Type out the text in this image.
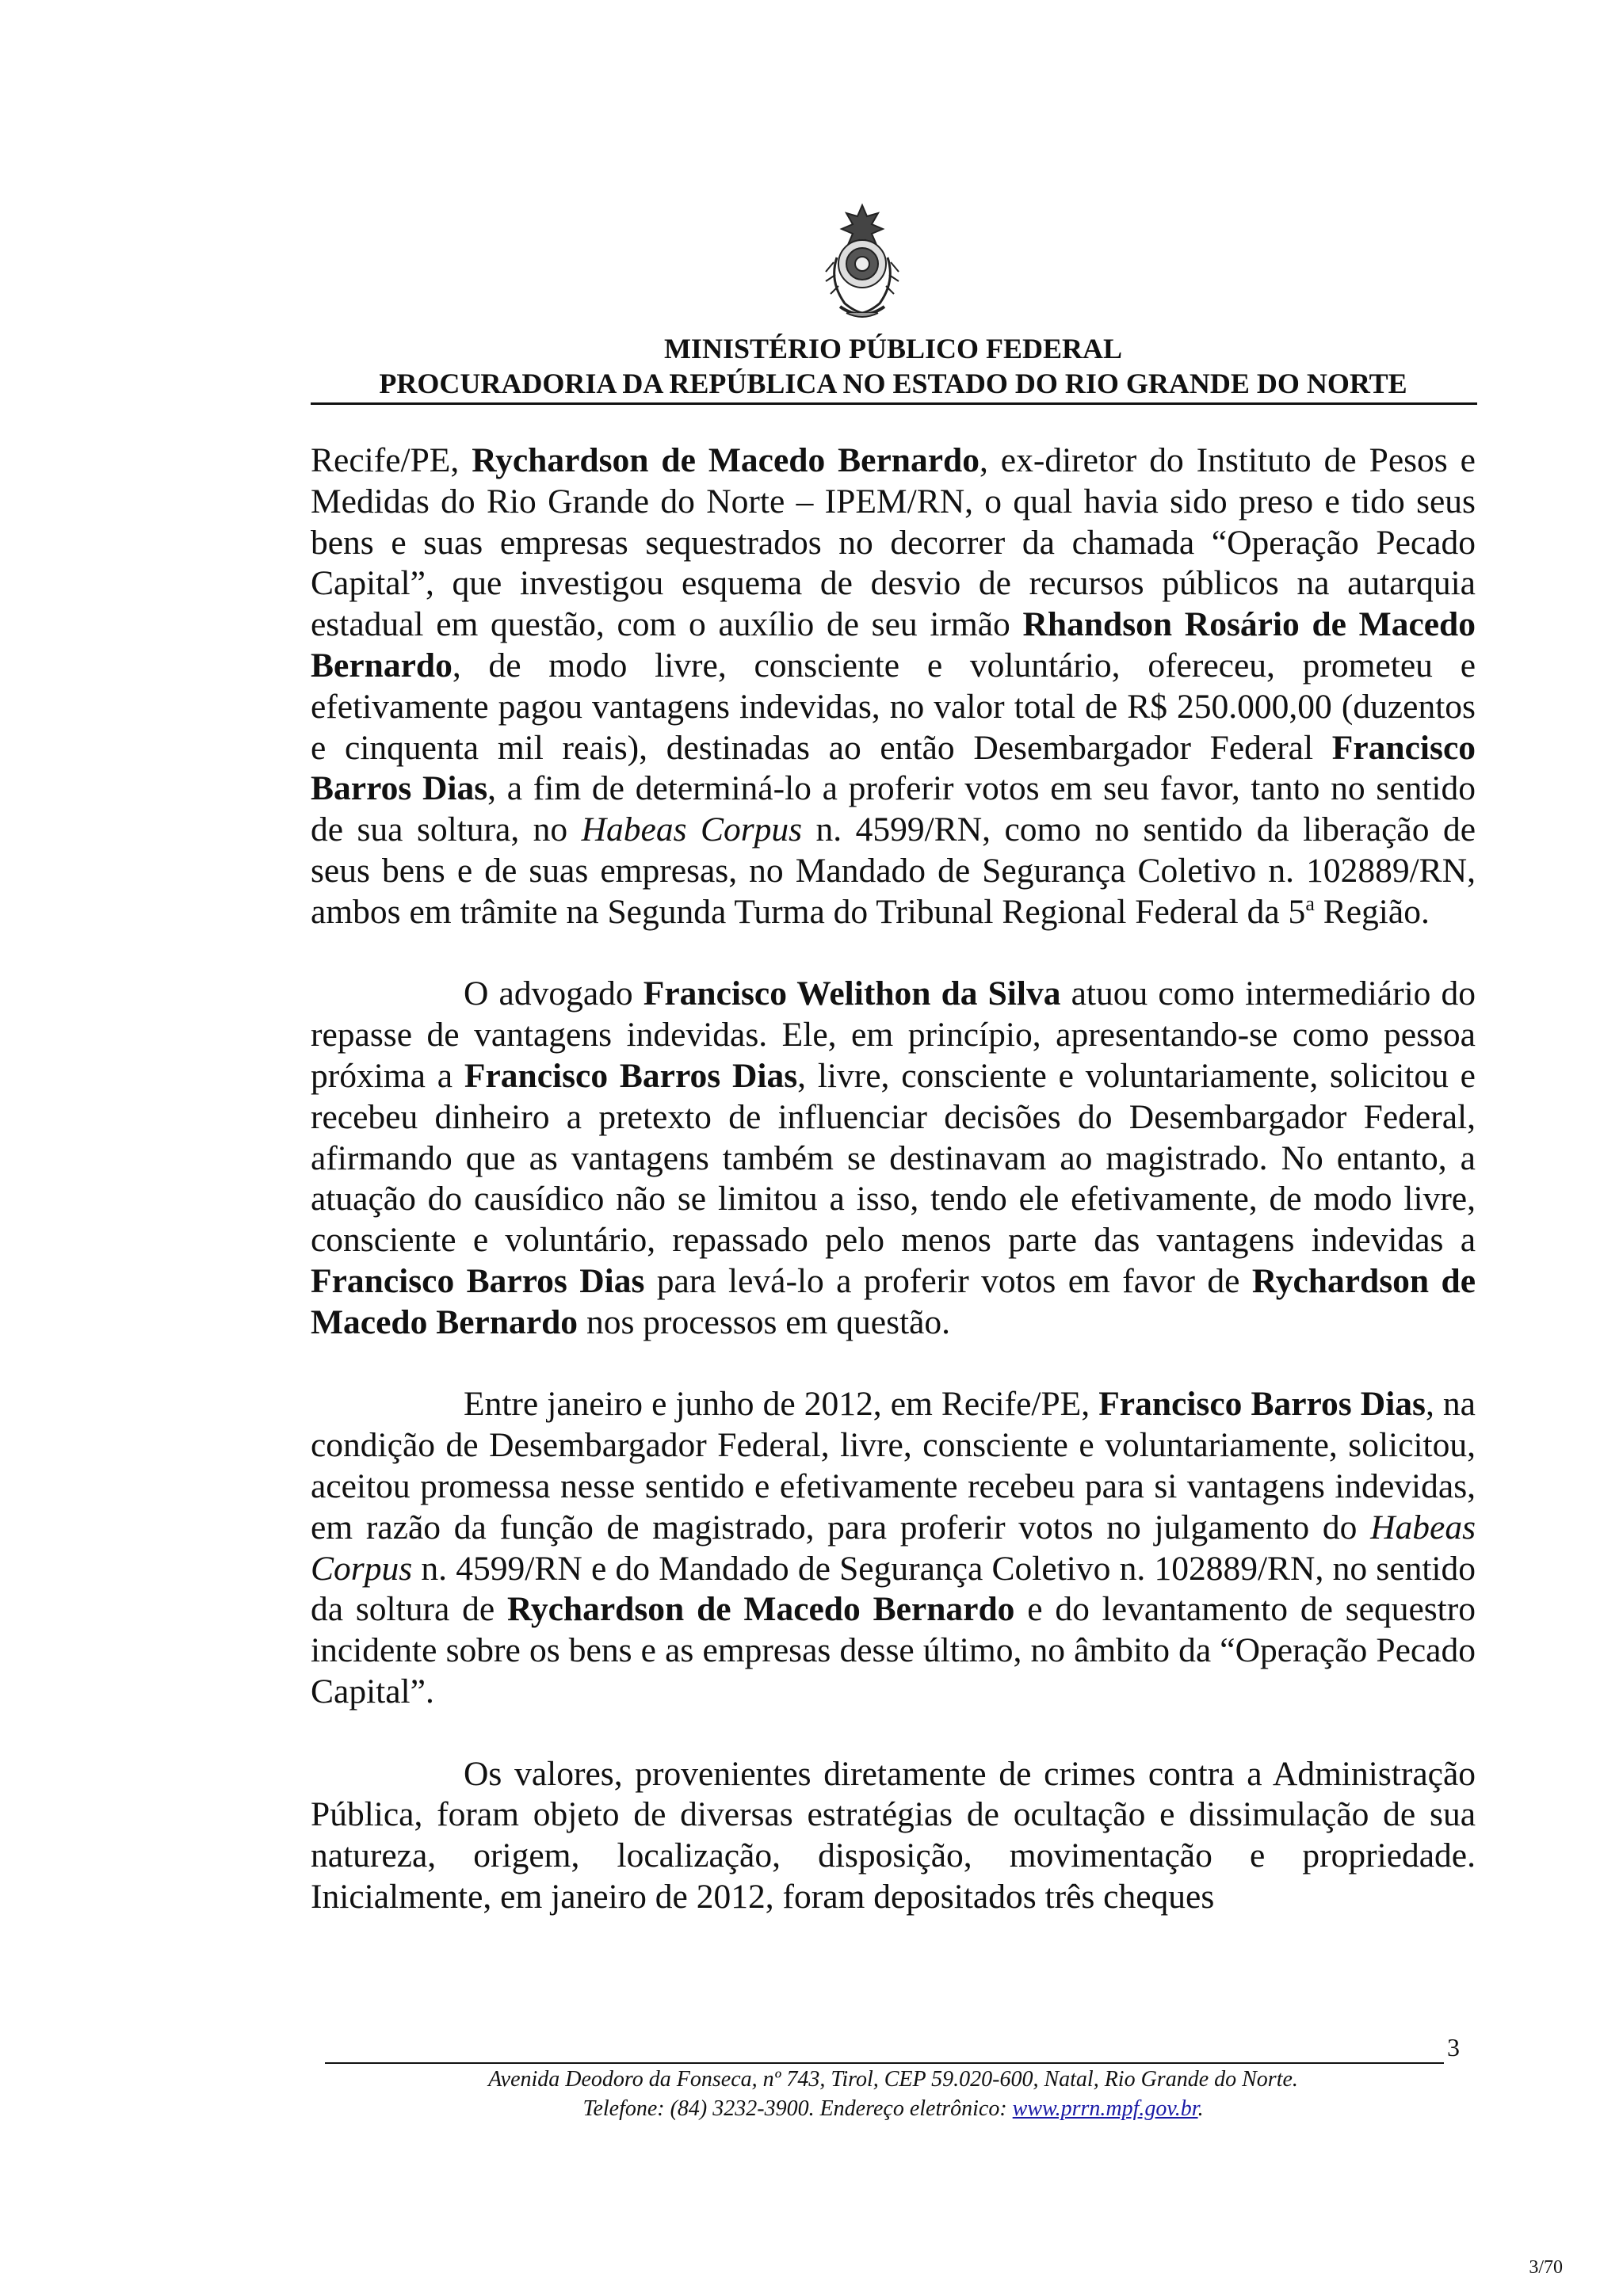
MINISTÉRIO PÚBLICO FEDERAL
PROCURADORIA DA REPÚBLICA NO ESTADO DO RIO GRANDE DO NORTE

Recife/PE, Rychardson de Macedo Bernardo, ex-diretor do Instituto de Pesos e Medidas do Rio Grande do Norte – IPEM/RN, o qual havia sido preso e tido seus bens e suas empresas sequestrados no decorrer da chamada “Operação Pecado Capital”, que investigou esquema de desvio de recursos públicos na autarquia estadual em questão, com o auxílio de seu irmão Rhandson Rosário de Macedo Bernardo, de modo livre, consciente e voluntário, ofereceu, prometeu e efetivamente pagou vantagens indevidas, no valor total de R$ 250.000,00 (duzentos e cinquenta mil reais), destinadas ao então Desembargador Federal Francisco Barros Dias, a fim de determiná-lo a proferir votos em seu favor, tanto no sentido de sua soltura, no Habeas Corpus n. 4599/RN, como no sentido da liberação de seus bens e de suas empresas, no Mandado de Segurança Coletivo n. 102889/RN, ambos em trâmite na Segunda Turma do Tribunal Regional Federal da 5$^a$ Região.

O advogado Francisco Welithon da Silva atuou como intermediário do repasse de vantagens indevidas. Ele, em princípio, apresentando-se como pessoa próxima a Francisco Barros Dias, livre, consciente e voluntariamente, solicitou e recebeu dinheiro a pretexto de influenciar decisões do Desembargador Federal, afirmando que as vantagens também se destinavam ao magistrado. No entanto, a atuação do causídico não se limitou a isso, tendo ele efetivamente, de modo livre, consciente e voluntário, repassado pelo menos parte das vantagens indevidas a Francisco Barros Dias para levá-lo a proferir votos em favor de Rychardson de Macedo Bernardo nos processos em questão.

Entre janeiro e junho de 2012, em Recife/PE, Francisco Barros Dias, na condição de Desembargador Federal, livre, consciente e voluntariamente, solicitou, aceitou promessa nesse sentido e efetivamente recebeu para si vantagens indevidas, em razão da função de magistrado, para proferir votos no julgamento do Habeas Corpus n. 4599/RN e do Mandado de Segurança Coletivo n. 102889/RN, no sentido da soltura de Rychardson de Macedo Bernardo e do levantamento de sequestro incidente sobre os bens e as empresas desse último, no âmbito da “Operação Pecado Capital”.

Os valores, provenientes diretamente de crimes contra a Administração Pública, foram objeto de diversas estratégias de ocultação e dissimulação de sua natureza, origem, localização, disposição, movimentação e propriedade. Inicialmente, em janeiro de 2012, foram depositados três cheques

3
Avenida Deodoro da Fonseca, nº 743, Tirol, CEP 59.020-600, Natal, Rio Grande do Norte.
Telefone: (84) 3232-3900. Endereço eletrônico: www.prrn.mpf.gov.br.
3/70
